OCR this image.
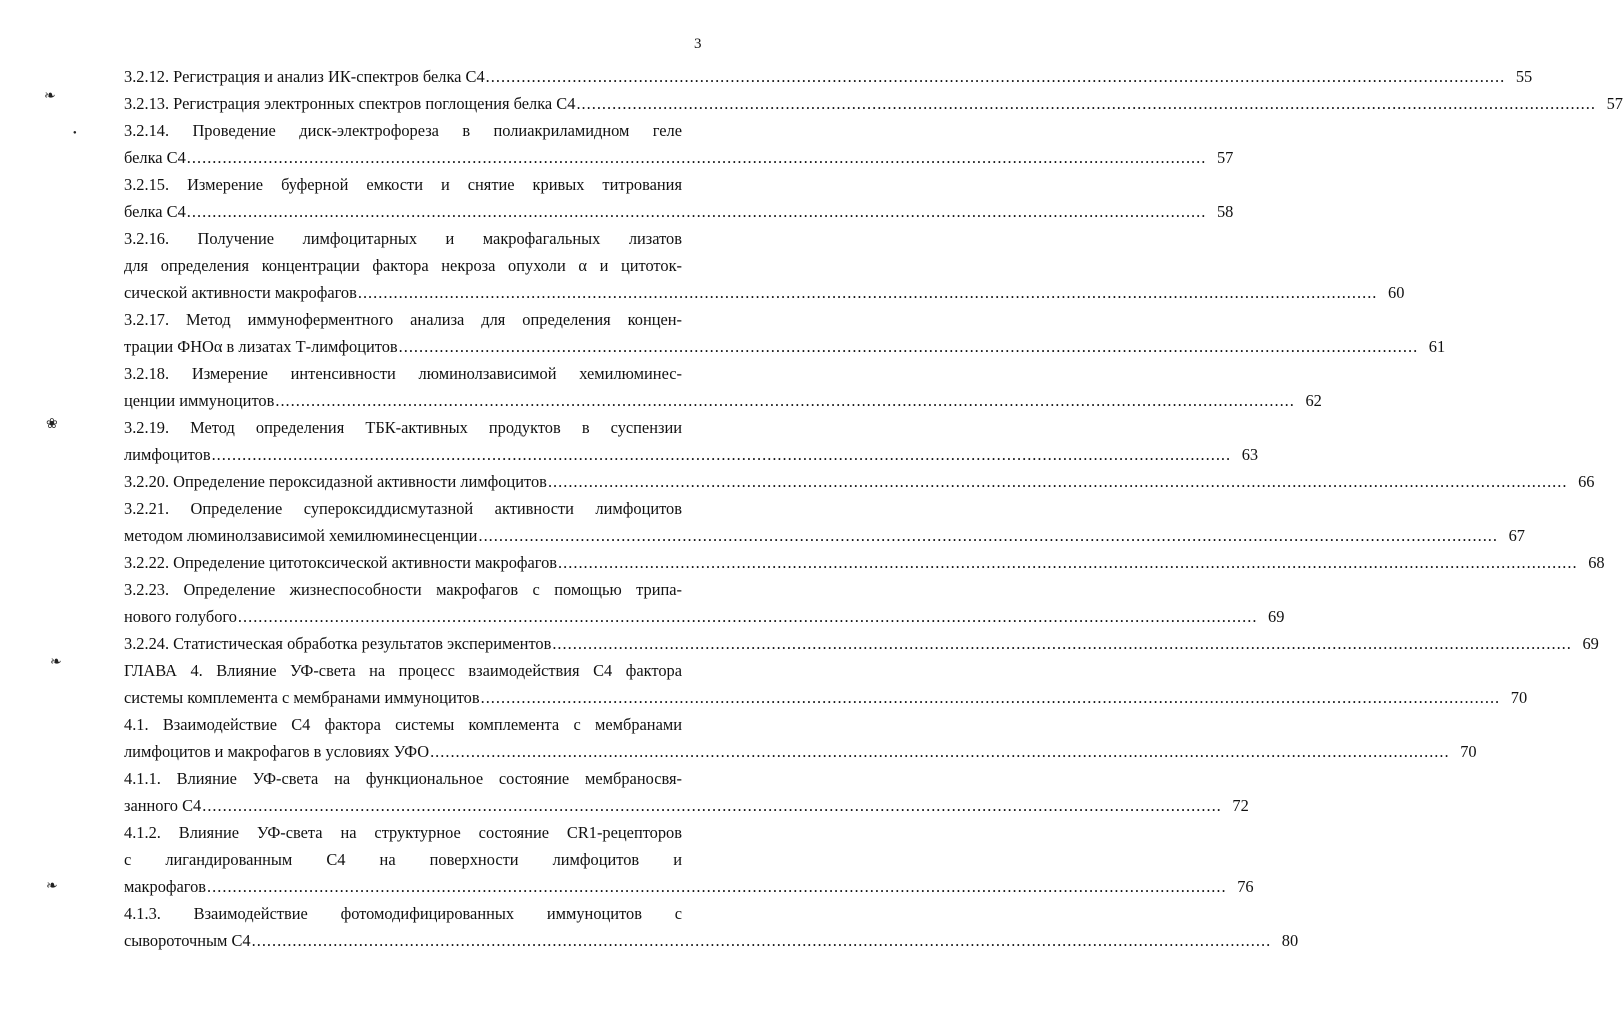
3
3.2.12. Регистрация и анализ ИК-спектров белка С4 ........................................................................................................................................................................................................ 55
3.2.13. Регистрация электронных спектров поглощения белка С4 ........................................................................................................................................................................................................ 57
3.2.14. Проведение диск-электрофореза в полиакриламидном геле
белка С4 ........................................................................................................................................................................................................ 57
3.2.15. Измерение буферной емкости и снятие кривых титрования
белка С4 ........................................................................................................................................................................................................ 58
3.2.16. Получение лимфоцитарных и макрофагальных лизатов
для определения концентрации фактора некроза опухоли α и цитоток-
сической активности макрофагов ........................................................................................................................................................................................................ 60
3.2.17. Метод иммуноферментного анализа для определения концен-
трации ФНОα в лизатах Т-лимфоцитов ........................................................................................................................................................................................................ 61
3.2.18. Измерение интенсивности люминолзависимой хемилюминес-
ценции иммуноцитов ........................................................................................................................................................................................................ 62
3.2.19. Метод определения ТБК-активных продуктов в суспензии
лимфоцитов ........................................................................................................................................................................................................ 63
3.2.20. Определение пероксидазной активности лимфоцитов ........................................................................................................................................................................................................ 66
3.2.21. Определение супероксиддисмутазной активности лимфоцитов
методом люминолзависимой хемилюминесценции ........................................................................................................................................................................................................ 67
3.2.22. Определение цитотоксической активности макрофагов ........................................................................................................................................................................................................ 68
3.2.23. Определение жизнеспособности макрофагов с помощью трипа-
нового голубого ........................................................................................................................................................................................................ 69
3.2.24. Статистическая обработка результатов экспериментов ........................................................................................................................................................................................................ 69
ГЛАВА 4. Влияние УФ-света на процесс взаимодействия С4 фактора
системы комплемента с мембранами иммуноцитов ........................................................................................................................................................................................................ 70
4.1. Взаимодействие С4 фактора системы комплемента с мембранами
лимфоцитов и макрофагов в условиях УФО ........................................................................................................................................................................................................ 70
4.1.1. Влияние УФ-света на функциональное состояние мембраносвя-
занного С4 ........................................................................................................................................................................................................ 72
4.1.2. Влияние УФ-света на структурное состояние CR1-рецепторов
с лигандированным С4 на поверхности лимфоцитов и
макрофагов ........................................................................................................................................................................................................ 76
4.1.3. Взаимодействие фотомодифицированных иммуноцитов с
сывороточным С4 ........................................................................................................................................................................................................ 80
❧
●
❀
❧
❧
